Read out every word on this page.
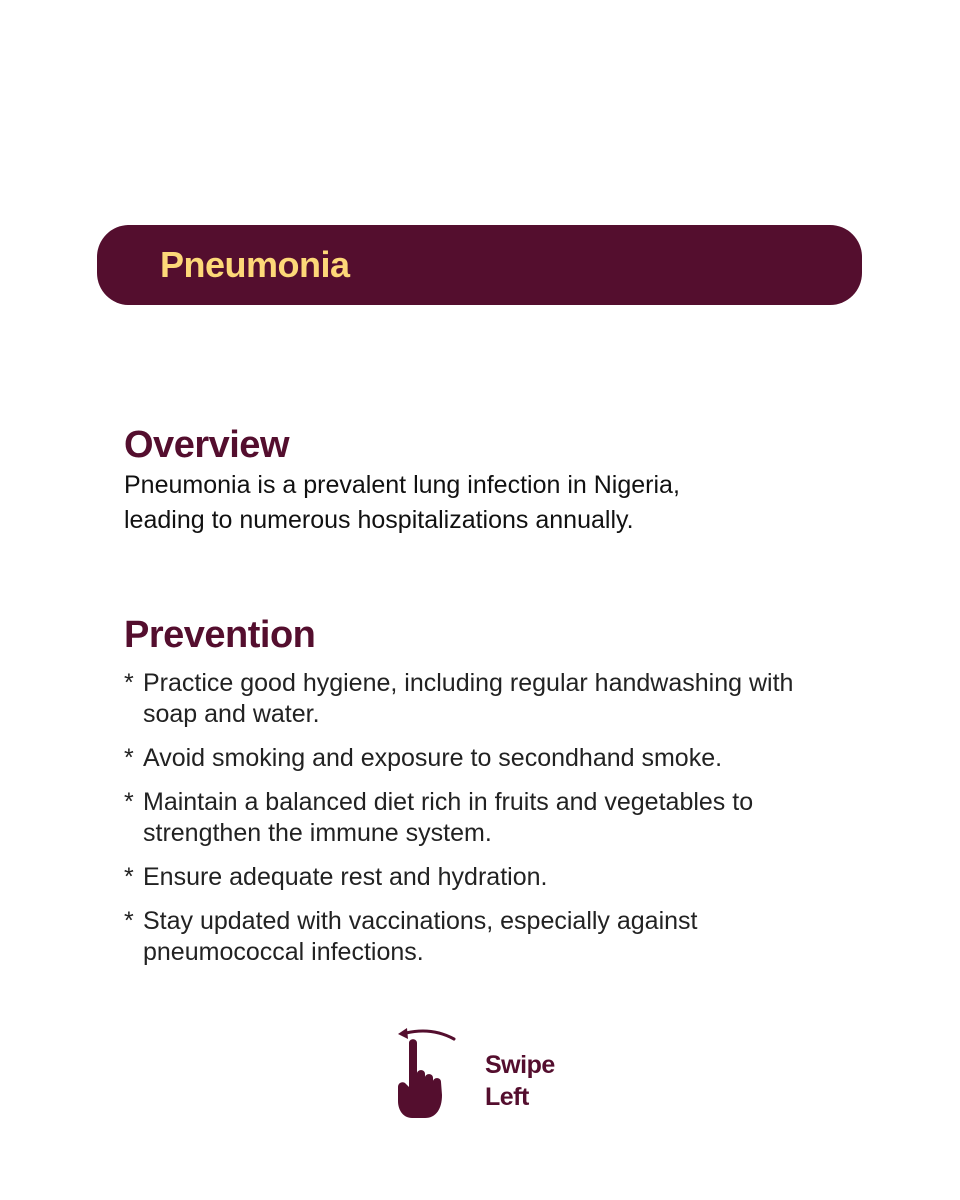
Pneumonia
Overview

Pneumonia is a prevalent lung infection in Nigeria,
leading to numerous hospitalizations annually.

Prevention
* Practice good hygiene, including regular handwashing with soap and water.
* Avoid smoking and exposure to secondhand smoke.
* Maintain a balanced diet rich in fruits and vegetables to strengthen the immune system.
* Ensure adequate rest and hydration.
* Stay updated with vaccinations, especially against pneumococcal infections.
Swipe
Left
